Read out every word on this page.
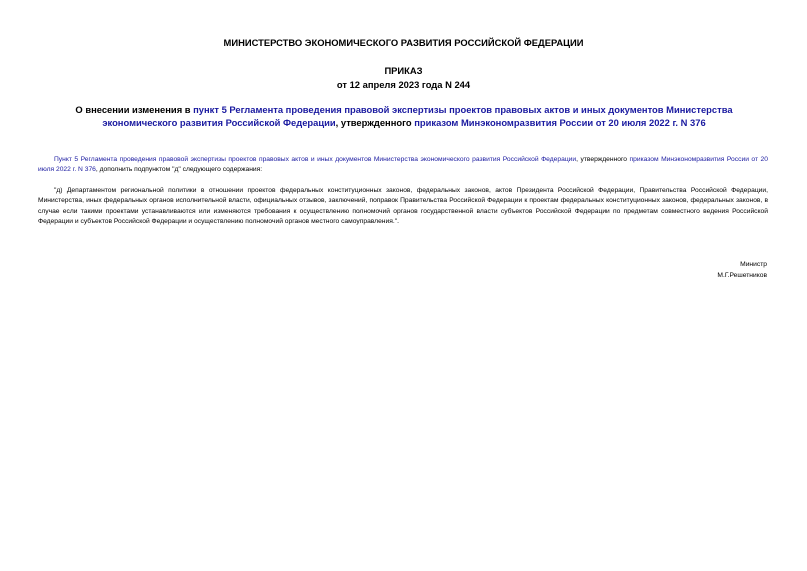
МИНИСТЕРСТВО ЭКОНОМИЧЕСКОГО РАЗВИТИЯ РОССИЙСКОЙ ФЕДЕРАЦИИ
ПРИКАЗ
от 12 апреля 2023 года N 244
О внесении изменения в пункт 5 Регламента проведения правовой экспертизы проектов правовых актов и иных документов Министерства экономического развития Российской Федерации, утвержденного приказом Минэкономразвития России от 20 июля 2022 г. N 376
Пункт 5 Регламента проведения правовой экспертизы проектов правовых актов и иных документов Министерства экономического развития Российской Федерации, утвержденного приказом Минэкономразвития России от 20 июля 2022 г. N 376, дополнить подпунктом "д" следующего содержания:
"д) Департаментом региональной политики в отношении проектов федеральных конституционных законов, федеральных законов, актов Президента Российской Федерации, Правительства Российской Федерации, Министерства, иных федеральных органов исполнительной власти, официальных отзывов, заключений, поправок Правительства Российской Федерации к проектам федеральных конституционных законов, федеральных законов, в случае если такими проектами устанавливаются или изменяются требования к осуществлению полномочий органов государственной власти субъектов Российской Федерации по предметам совместного ведения Российской Федерации и субъектов Российской Федерации и осуществлению полномочий органов местного самоуправления.".
Министр
М.Г.Решетников
